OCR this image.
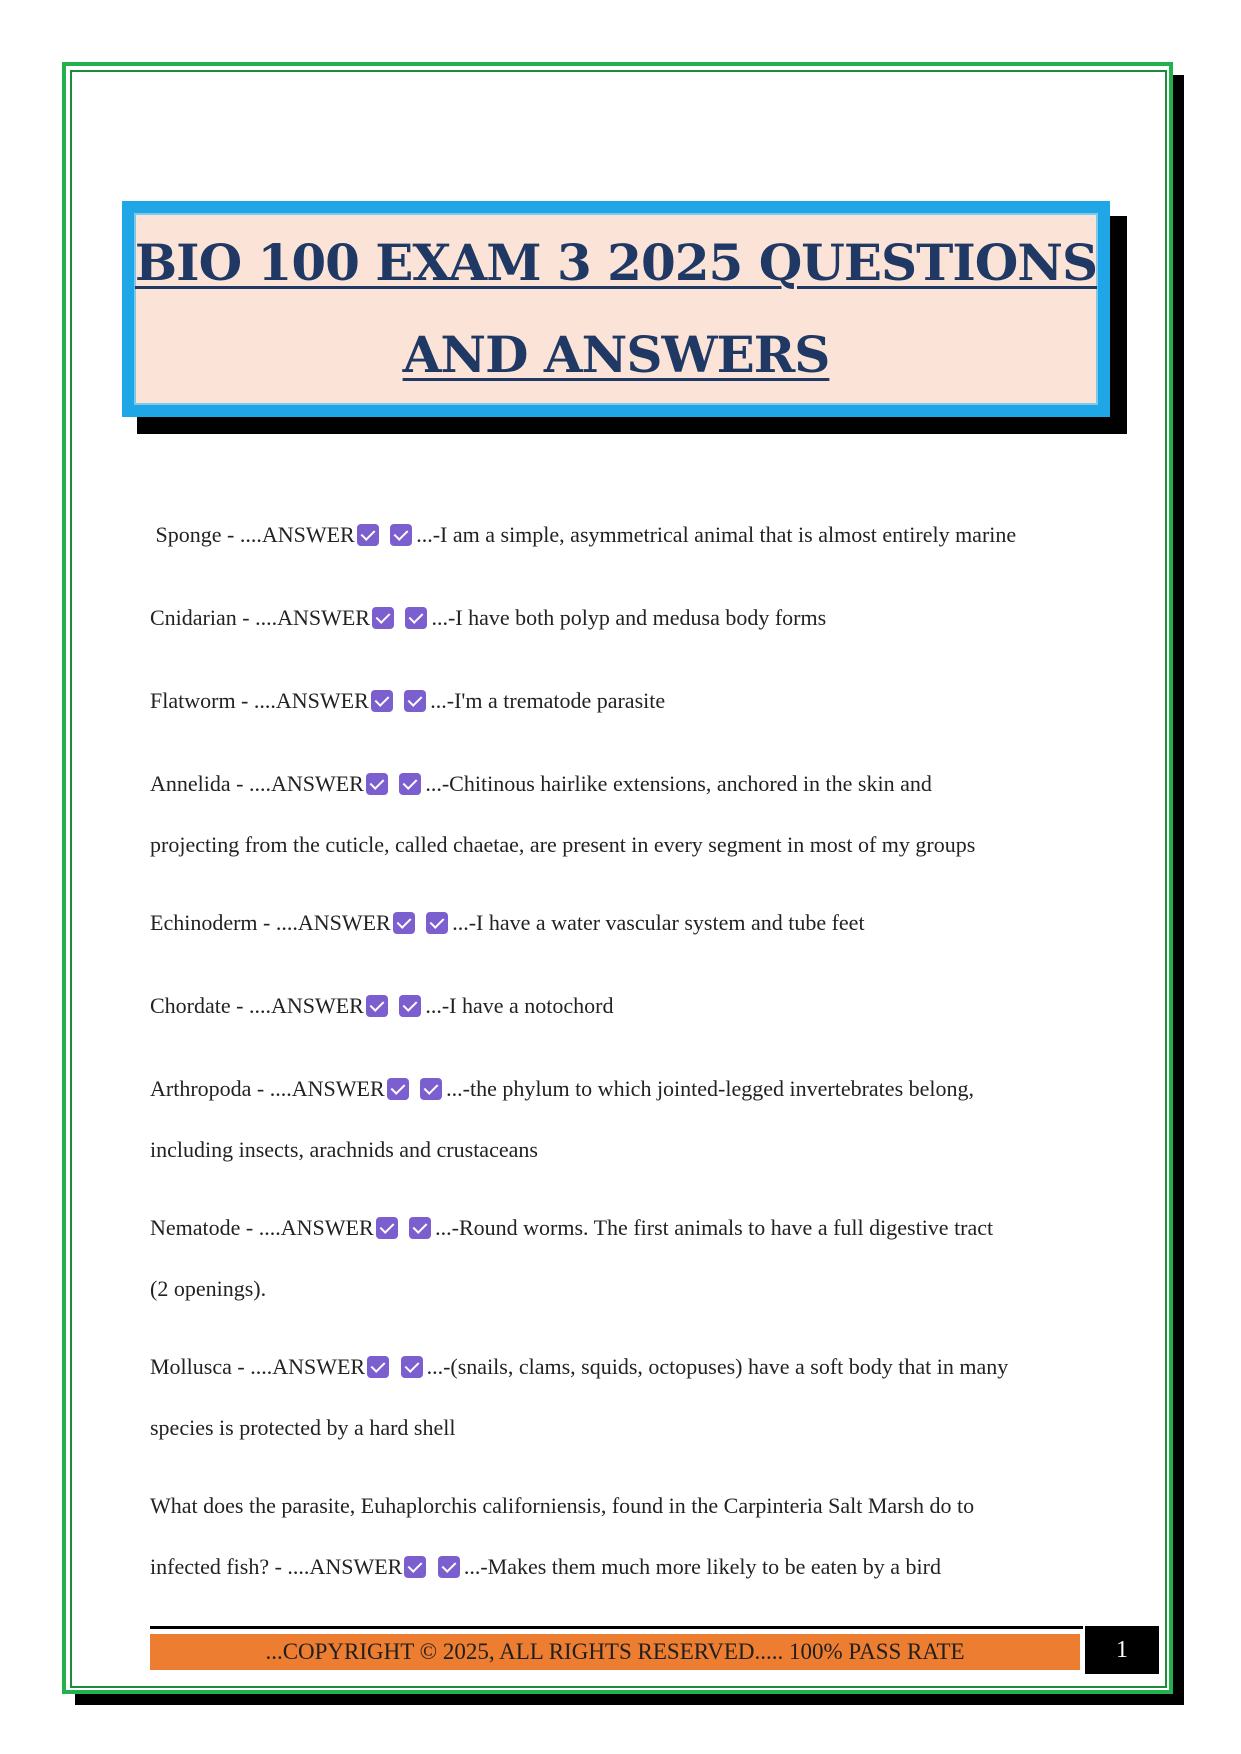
BIO 100 EXAM 3 2025 QUESTIONS
AND ANSWERS
Sponge - ....ANSWER	...-I am a simple, asymmetrical animal that is almost entirely marine
Cnidarian - ....ANSWER	...-I have both polyp and medusa body forms
Flatworm - ....ANSWER	...-I'm a trematode parasite
Annelida - ....ANSWER	...-Chitinous hairlike extensions, anchored in the skin and
projecting from the cuticle, called chaetae, are present in every segment in most of my groups
Echinoderm - ....ANSWER	...-I have a water vascular system and tube feet
Chordate - ....ANSWER	...-I have a notochord
Arthropoda - ....ANSWER	...-the phylum to which jointed-legged invertebrates belong,
including insects, arachnids and crustaceans
Nematode - ....ANSWER	...-Round worms. The first animals to have a full digestive tract
(2 openings).
Mollusca - ....ANSWER	...-(snails, clams, squids, octopuses) have a soft body that in many
species is protected by a hard shell
What does the parasite, Euhaplorchis californiensis, found in the Carpinteria Salt Marsh do to
infected fish? - ....ANSWER	...-Makes them much more likely to be eaten by a bird
...COPYRIGHT © 2025, ALL RIGHTS RESERVED..... 100% PASS RATE	1
